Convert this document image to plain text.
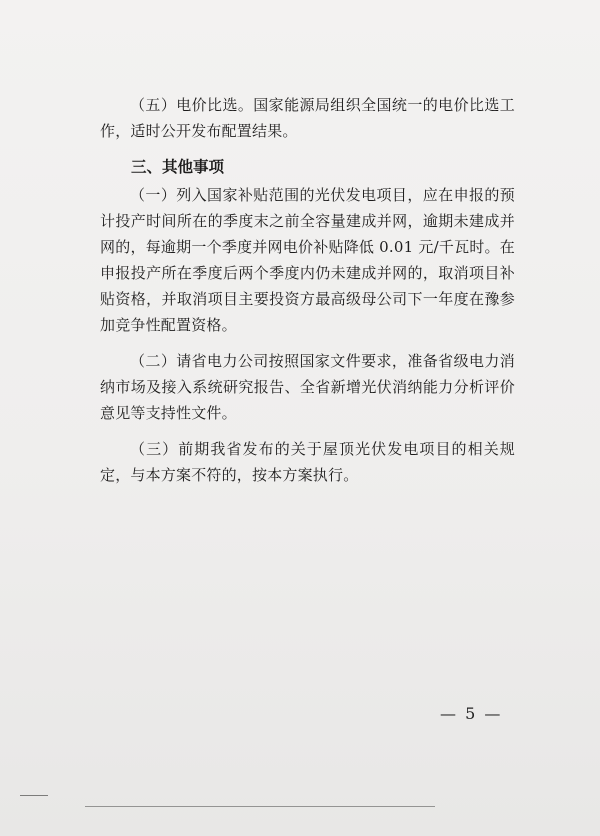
（五）电价比选。国家能源局组织全国统一的电价比选工作，适时公开发布配置结果。

三、其他事项

（一）列入国家补贴范围的光伏发电项目，应在申报的预计投产时间所在的季度末之前全容量建成并网，逾期未建成并网的，每逾期一个季度并网电价补贴降低 0.01 元/千瓦时。在申报投产所在季度后两个季度内仍未建成并网的，取消项目补贴资格，并取消项目主要投资方最高级母公司下一年度在豫参加竞争性配置资格。

（二）请省电力公司按照国家文件要求，准备省级电力消纳市场及接入系统研究报告、全省新增光伏消纳能力分析评价意见等支持性文件。

（三）前期我省发布的关于屋顶光伏发电项目的相关规定，与本方案不符的，按本方案执行。

— 5 —
